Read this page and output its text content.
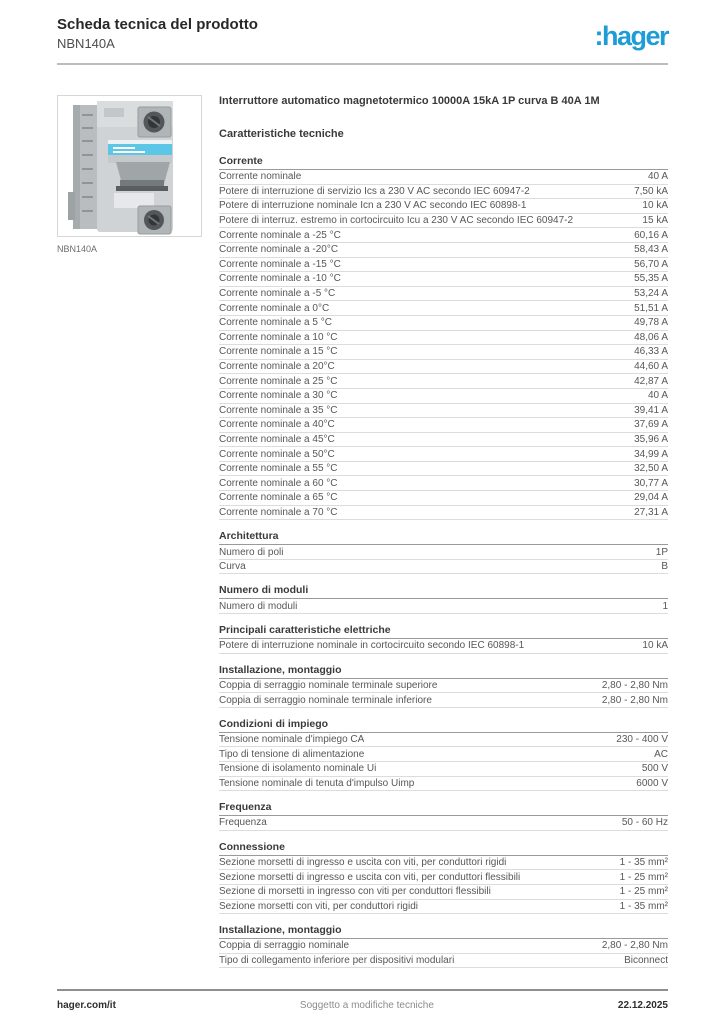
Scheda tecnica del prodotto
NBN140A	:hager
NBN140A
Interruttore automatico magnetotermico 10000A 15kA 1P curva B 40A 1M
Caratteristiche tecniche
Corrente
Corrente nominale	40 A
Potere di interruzione di servizio Ics a 230 V AC secondo IEC 60947-2	7,50 kA
Potere di interruzione nominale Icn a 230 V AC secondo IEC 60898-1	10 kA
Potere di interruz. estremo in cortocircuito Icu a 230 V AC secondo IEC 60947-2	15 kA
Corrente nominale a -25 °C	60,16 A
Corrente nominale a -20°C	58,43 A
Corrente nominale a -15 °C	56,70 A
Corrente nominale a -10 °C	55,35 A
Corrente nominale a -5 °C	53,24 A
Corrente nominale a 0°C	51,51 A
Corrente nominale a 5 °C	49,78 A
Corrente nominale a 10 °C	48,06 A
Corrente nominale a 15 °C	46,33 A
Corrente nominale a 20°C	44,60 A
Corrente nominale a 25 °C	42,87 A
Corrente nominale a 30 °C	40 A
Corrente nominale a 35 °C	39,41 A
Corrente nominale a 40°C	37,69 A
Corrente nominale a 45°C	35,96 A
Corrente nominale a 50°C	34,99 A
Corrente nominale a 55 °C	32,50 A
Corrente nominale a 60 °C	30,77 A
Corrente nominale a 65 °C	29,04 A
Corrente nominale a 70 °C	27,31 A
Architettura
Numero di poli	1P
Curva	B
Numero di moduli
Numero di moduli	1
Principali caratteristiche elettriche
Potere di interruzione nominale in cortocircuito secondo IEC 60898-1	10 kA
Installazione, montaggio
Coppia di serraggio nominale terminale superiore	2,80 - 2,80 Nm
Coppia di serraggio nominale terminale inferiore	2,80 - 2,80 Nm
Condizioni di impiego
Tensione nominale d'impiego CA	230 - 400 V
Tipo di tensione di alimentazione	AC
Tensione di isolamento nominale Ui	500 V
Tensione nominale di tenuta d'impulso Uimp	6000 V
Frequenza
Frequenza	50 - 60 Hz
Connessione
Sezione morsetti di ingresso e uscita con viti, per conduttori rigidi	1 - 35 mm²
Sezione morsetti di ingresso e uscita con viti, per conduttori flessibili	1 - 25 mm²
Sezione di morsetti in ingresso con viti per conduttori flessibili	1 - 25 mm²
Sezione morsetti con viti, per conduttori rigidi	1 - 35 mm²
Installazione, montaggio
Coppia di serraggio nominale	2,80 - 2,80 Nm
Tipo di collegamento inferiore per dispositivi modulari	Biconnect
hager.com/it	Soggetto a modifiche tecniche	22.12.2025
